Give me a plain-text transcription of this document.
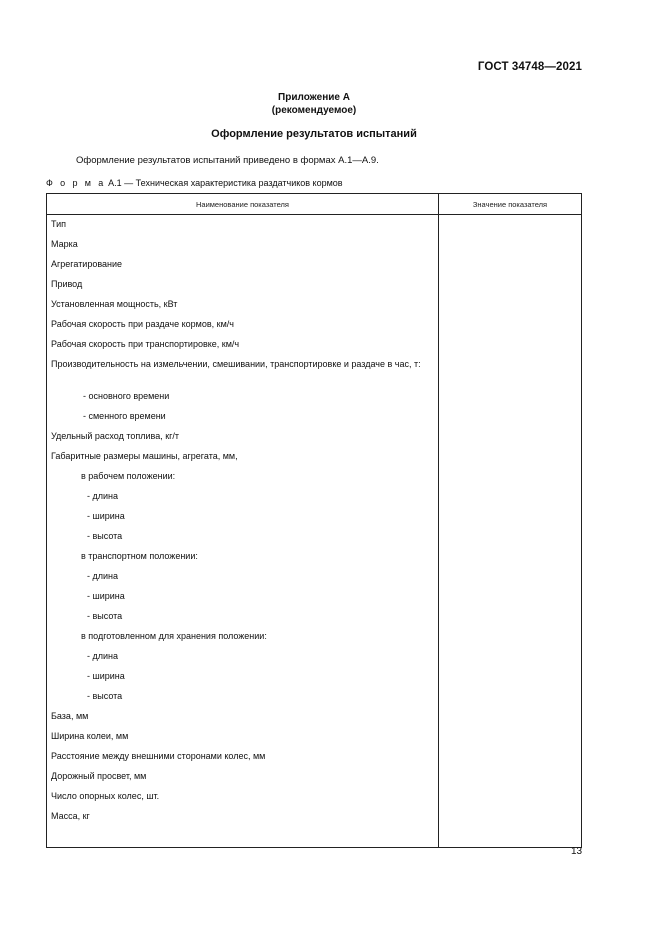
ГОСТ 34748—2021
Приложение А
(рекомендуемое)
Оформление результатов испытаний
Оформление результатов испытаний приведено в формах А.1—А.9.
Ф о р м а А.1 — Техническая характеристика раздатчиков кормов
Наименование показателя	Значение показателя
Тип
Марка
Агрегатирование
Привод
Установленная мощность, кВт
Рабочая скорость при раздаче кормов, км/ч
Рабочая скорость при транспортировке, км/ч
Производительность на измельчении, смешивании, транспортировке и раздаче в час, т:
- основного времени
- сменного времени
Удельный расход топлива, кг/т
Габаритные размеры машины, агрегата, мм,
в рабочем положении:
- длина
- ширина
- высота
в транспортном положении:
- длина
- ширина
- высота
в подготовленном для хранения положении:
- длина
- ширина
- высота
База, мм
Ширина колеи, мм
Расстояние между внешними сторонами колес, мм
Дорожный просвет, мм
Число опорных колес, шт.
Масса, кг
13
